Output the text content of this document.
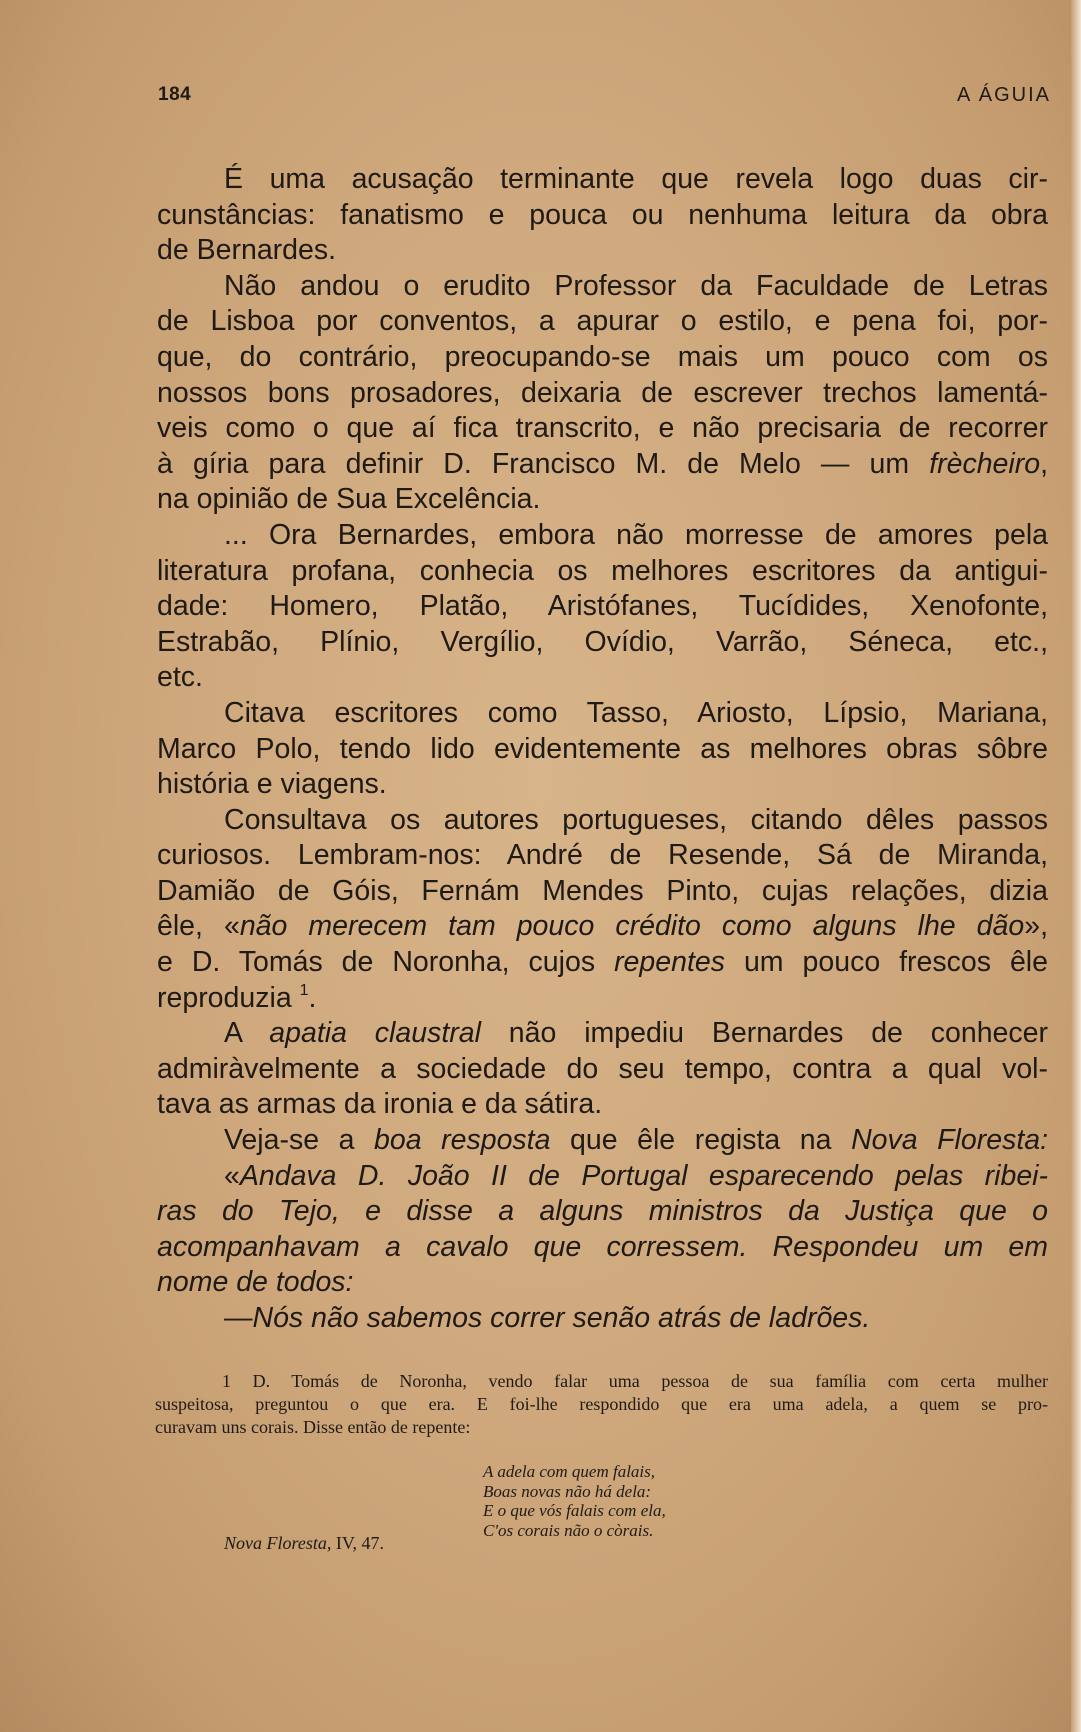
184	A ÁGUIA
É uma acusação terminante que revela logo duas cir-
cunstâncias: fanatismo e pouca ou nenhuma leitura da obra
de Bernardes.
Não andou o erudito Professor da Faculdade de Letras
de Lisboa por conventos, a apurar o estilo, e pena foi, por-
que, do contrário, preocupando-se mais um pouco com os
nossos bons prosadores, deixaria de escrever trechos lamentá-
veis como o que aí fica transcrito, e não precisaria de recorrer
à gíria para definir D. Francisco M. de Melo — um frècheiro,
na opinião de Sua Excelência.
... Ora Bernardes, embora não morresse de amores pela
literatura profana, conhecia os melhores escritores da antigui-
dade: Homero, Platão, Aristófanes, Tucídides, Xenofonte,
Estrabão, Plínio, Vergílio, Ovídio, Varrão, Séneca, etc.,
etc.
Citava escritores como Tasso, Ariosto, Lípsio, Mariana,
Marco Polo, tendo lido evidentemente as melhores obras sôbre
história e viagens.
Consultava os autores portugueses, citando dêles passos
curiosos. Lembram-nos: André de Resende, Sá de Miranda,
Damião de Góis, Fernám Mendes Pinto, cujas relações, dizia
êle, «não merecem tam pouco crédito como alguns lhe dão»,
e D. Tomás de Noronha, cujos repentes um pouco frescos êle
reproduzia $^1$.
A apatia claustral não impediu Bernardes de conhecer
admiràvelmente a sociedade do seu tempo, contra a qual vol-
tava as armas da ironia e da sátira.
Veja-se a boa resposta que êle regista na Nova Floresta:
«Andava D. João II de Portugal esparecendo pelas ribei-
ras do Tejo, e disse a alguns ministros da Justiça que o
acompanhavam a cavalo que corressem. Respondeu um em
nome de todos:
—Nós não sabemos correr senão atrás de ladrões.
1 D. Tomás de Noronha, vendo falar uma pessoa de sua família com certa mulher
suspeitosa, preguntou o que era. E foi-lhe respondido que era uma adela, a quem se pro-
curavam uns corais. Disse então de repente:
A adela com quem falais,
Boas novas não há dela:
E o que vós falais com ela,
C'os corais não o còrais.
Nova Floresta, IV, 47.
